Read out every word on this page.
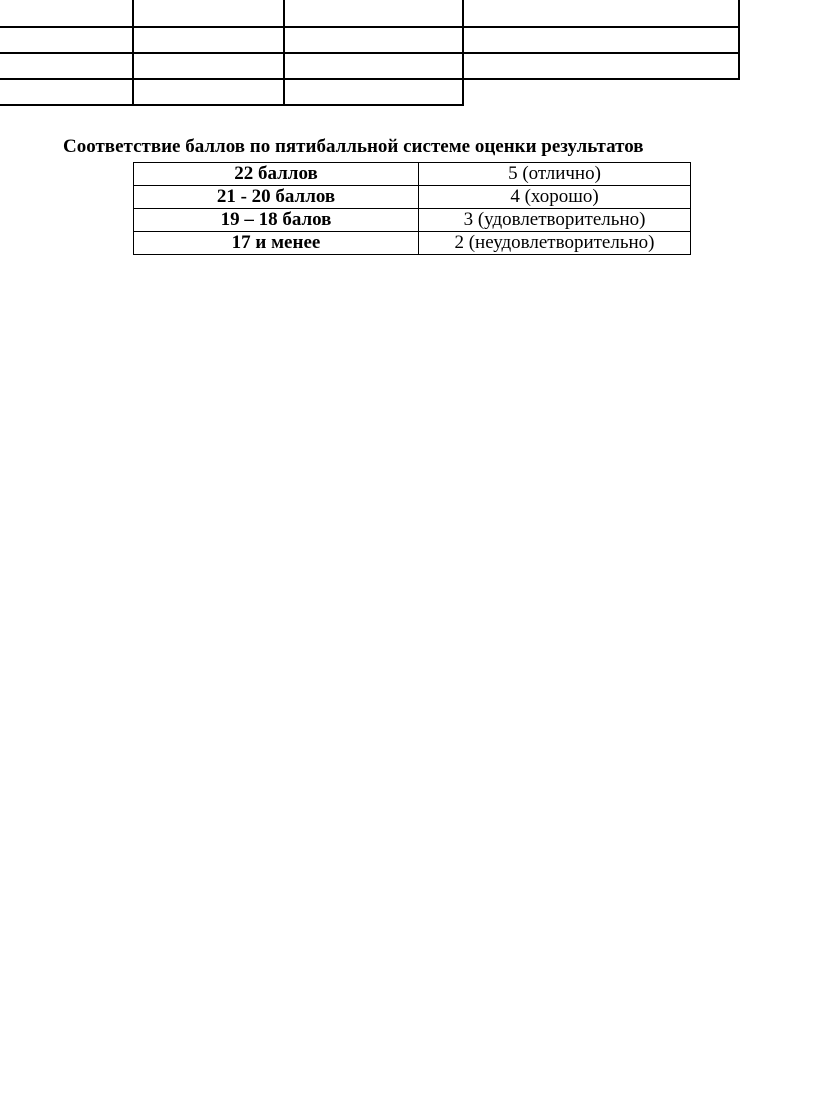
Соответствие баллов по пятибалльной системе оценки результатов
22 баллов	5 (отлично)
21 - 20 баллов	4 (хорошо)
19 – 18 балов	3 (удовлетворительно)
17 и менее	2 (неудовлетворительно)
